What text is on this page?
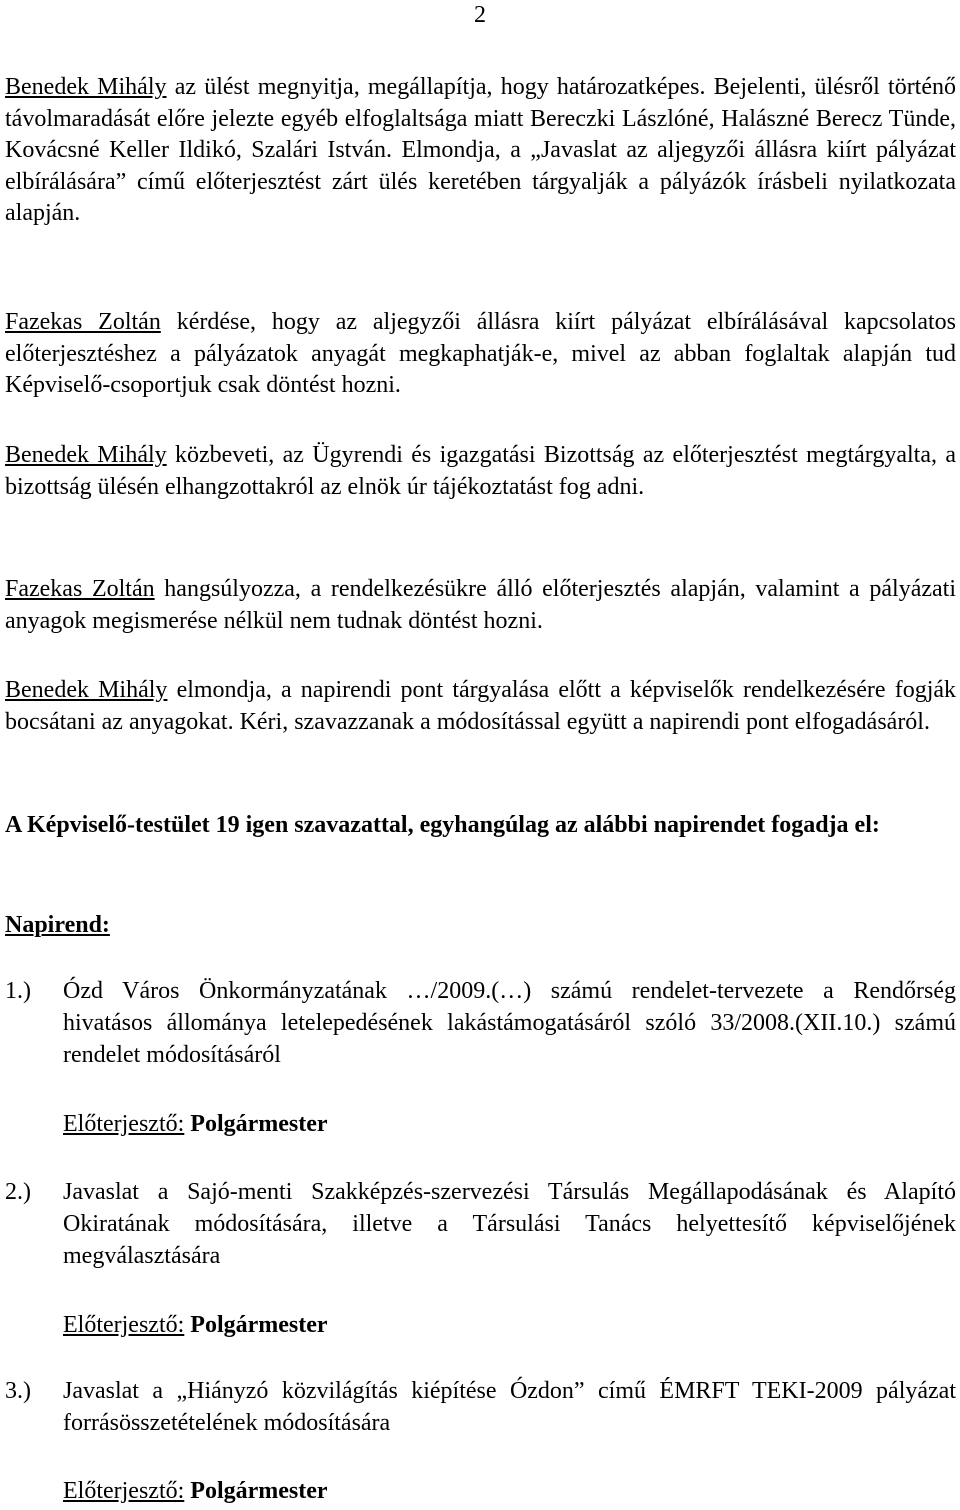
2

Benedek Mihály az ülést megnyitja, megállapítja, hogy határozatképes. Bejelenti, ülésről történő távolmaradását előre jelezte egyéb elfoglaltsága miatt Bereczki Lászlóné, Halászné Berecz Tünde, Kovácsné Keller Ildikó, Szalári István. Elmondja, a „Javaslat az aljegyzői állásra kiírt pályázat elbírálására” című előterjesztést zárt ülés keretében tárgyalják a pályázók írásbeli nyilatkozata alapján.

Fazekas Zoltán kérdése, hogy az aljegyzői állásra kiírt pályázat elbírálásával kapcsolatos előterjesztéshez a pályázatok anyagát megkaphatják-e, mivel az abban foglaltak alapján tud Képviselő-csoportjuk csak döntést hozni.

Benedek Mihály közbeveti, az Ügyrendi és igazgatási Bizottság az előterjesztést megtárgyalta, a bizottság ülésén elhangzottakról az elnök úr tájékoztatást fog adni.

Fazekas Zoltán hangsúlyozza, a rendelkezésükre álló előterjesztés alapján, valamint a pályázati anyagok megismerése nélkül nem tudnak döntést hozni.

Benedek Mihály elmondja, a napirendi pont tárgyalása előtt a képviselők rendelkezésére fogják bocsátani az anyagokat. Kéri, szavazzanak a módosítással együtt a napirendi pont elfogadásáról.

A Képviselő-testület 19 igen szavazattal, egyhangúlag az alábbi napirendet fogadja el:

Napirend:
1.) Ózd Város Önkormányzatának …/2009.(…) számú rendelet-tervezete a Rendőrség hivatásos állománya letelepedésének lakástámogatásáról szóló 33/2008.(XII.10.) számú rendelet módosításáról

Előterjesztő: Polgármester
2.) Javaslat a Sajó-menti Szakképzés-szervezési Társulás Megállapodásának és Alapító Okiratának módosítására, illetve a Társulási Tanács helyettesítő képviselőjének megválasztására

Előterjesztő: Polgármester
3.) Javaslat a „Hiányzó közvilágítás kiépítése Ózdon” című ÉMRFT TEKI-2009 pályázat forrásösszetételének módosítására

Előterjesztő: Polgármester
